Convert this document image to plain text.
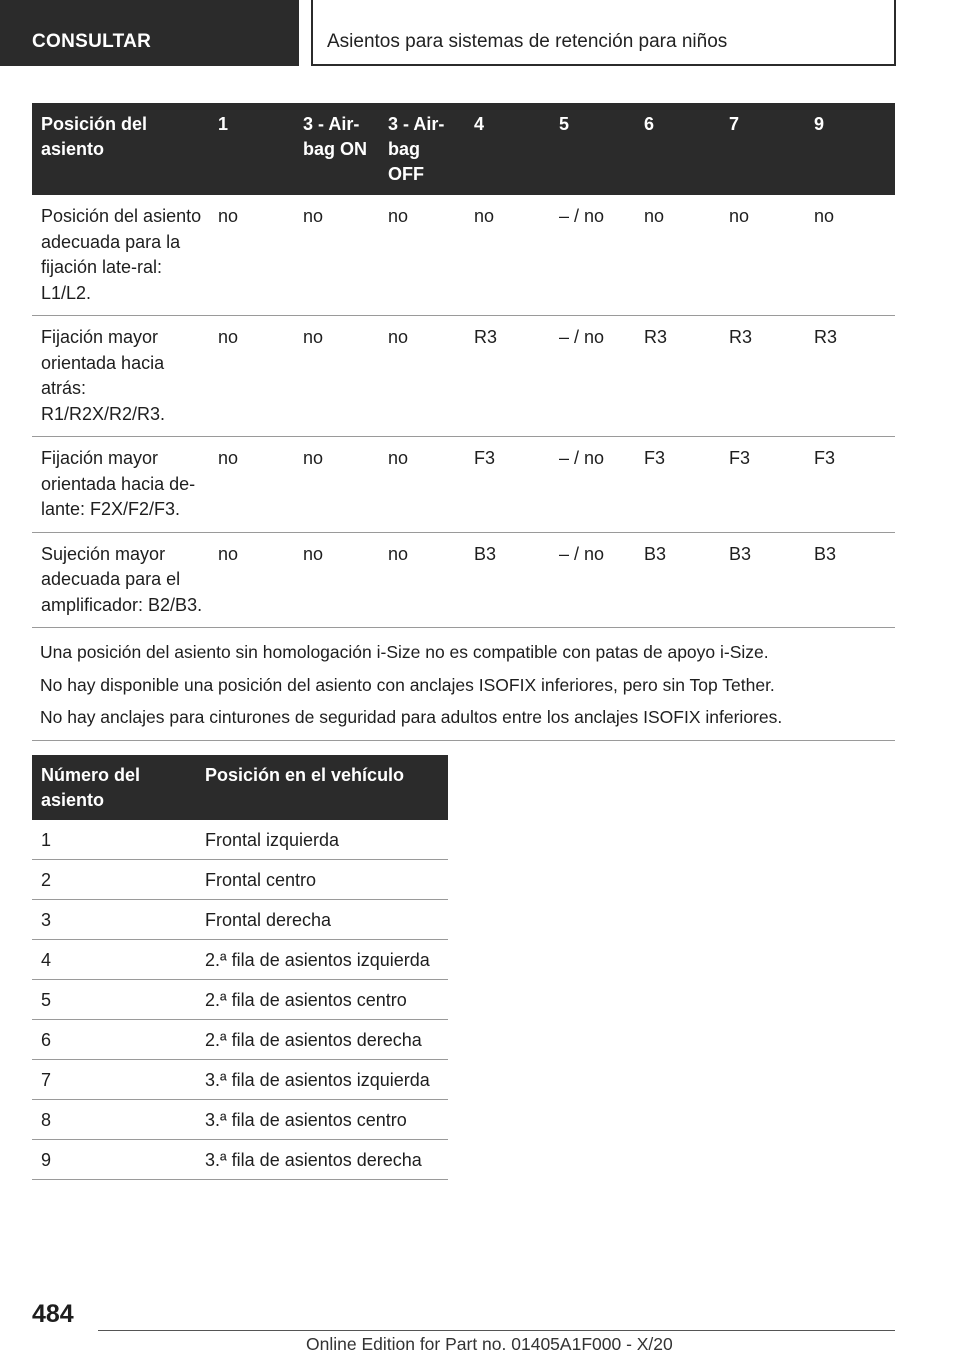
CONSULTAR	Asientos para sistemas de retención para niños
Posición del asiento	1	3 - Air-bag ON	3 - Air-bag OFF	4	5	6	7	9
Posición del asiento adecuada para la fijación late-ral: L1/L2.	no	no	no	no	– / no	no	no	no
Fijación mayor orientada hacia atrás: R1/R2X/R2/R3.	no	no	no	R3	– / no	R3	R3	R3
Fijación mayor orientada hacia de-lante: F2X/F2/F3.	no	no	no	F3	– / no	F3	F3	F3
Sujeción mayor adecuada para el amplificador: B2/B3.	no	no	no	B3	– / no	B3	B3	B3

Una posición del asiento sin homologación i-Size no es compatible con patas de apoyo i-Size.
No hay disponible una posición del asiento con anclajes ISOFIX inferiores, pero sin Top Tether.
No hay anclajes para cinturones de seguridad para adultos entre los anclajes ISOFIX inferiores.								
Número del asiento	Posición en el vehículo
1	Frontal izquierda
2	Frontal centro
3	Frontal derecha
4	2.ª fila de asientos izquierda
5	2.ª fila de asientos centro
6	2.ª fila de asientos derecha
7	3.ª fila de asientos izquierda
8	3.ª fila de asientos centro
9	3.ª fila de asientos derecha
484
Online Edition for Part no. 01405A1F000 - X/20
